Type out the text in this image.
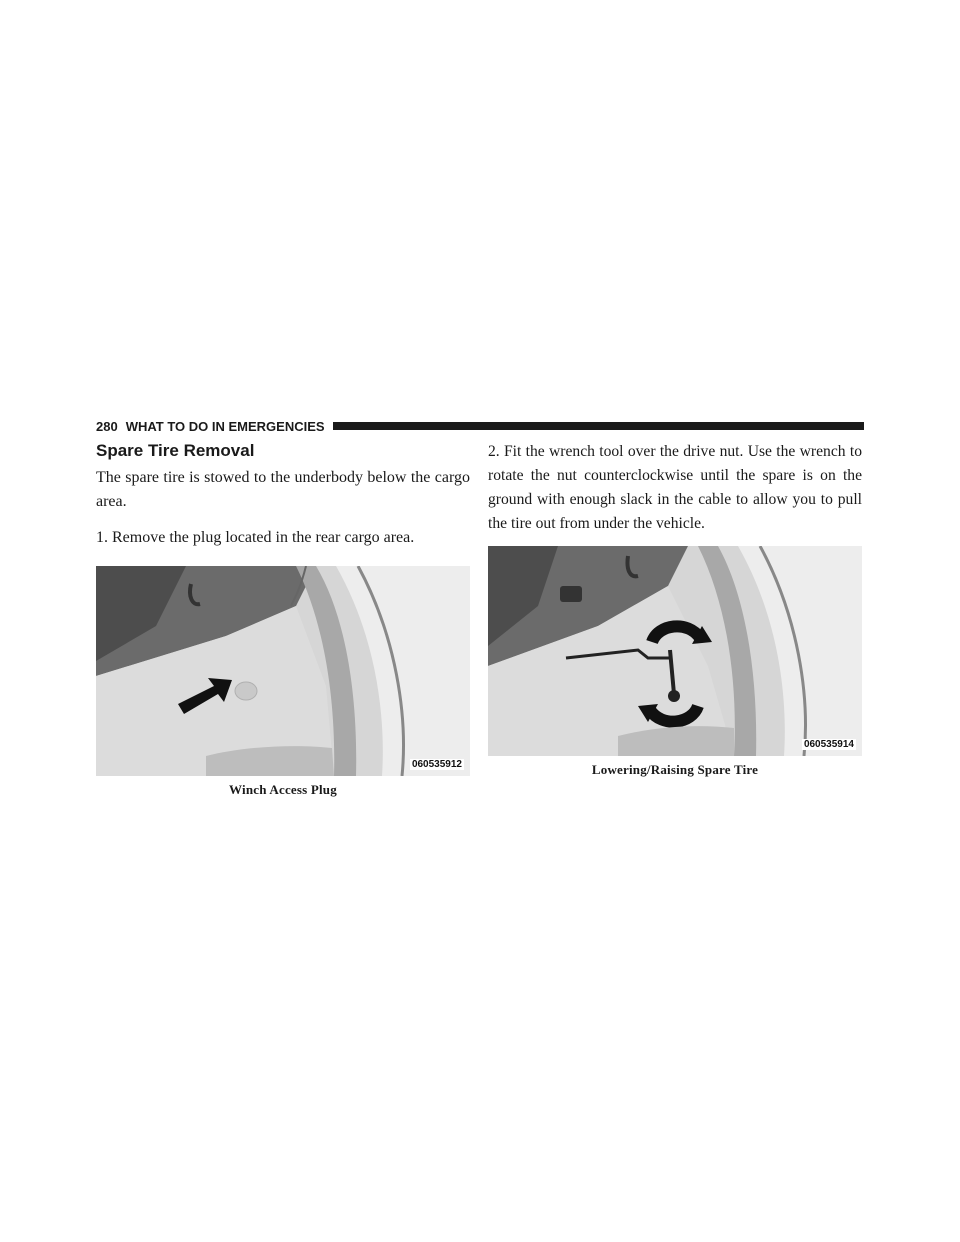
280 WHAT TO DO IN EMERGENCIES
Spare Tire Removal

The spare tire is stowed to the underbody below the cargo area.

1. Remove the plug located in the rear cargo area.

060535912
Winch Access Plug

2. Fit the wrench tool over the drive nut. Use the wrench to rotate the nut counterclockwise until the spare is on the ground with enough slack in the cable to allow you to pull the tire out from under the vehicle.

060535914
Lowering/Raising Spare Tire
